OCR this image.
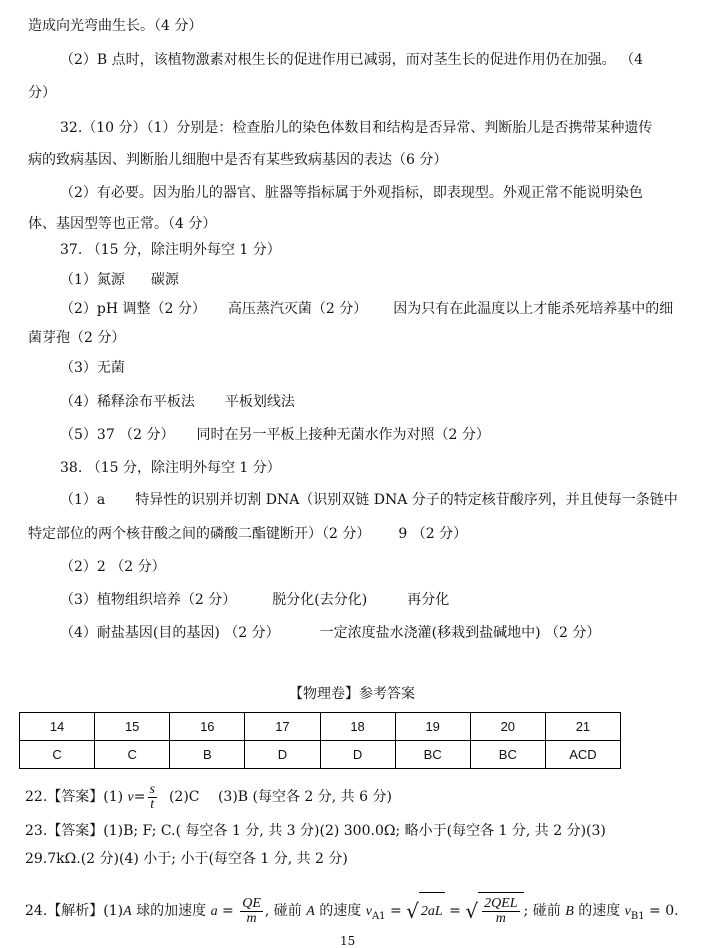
造成向光弯曲生长。（4 分）
（2）B 点时，该植物激素对根生长的促进作用已减弱，而对茎生长的促进作用仍在加强。 （4
分）
32.（10 分）（1）分别是：检查胎儿的染色体数目和结构是否异常、判断胎儿是否携带某种遗传
病的致病基因、判断胎儿细胞中是否有某些致病基因的表达（6 分）
（2）有必要。因为胎儿的器官、脏器等指标属于外观指标，即表现型。外观正常不能说明染色
体、基因型等也正常。（4 分）
37. （15 分，除注明外每空 1 分）
（1）氮源 碳源
（2）pH 调整（2 分） 高压蒸汽灭菌（2 分） 因为只有在此温度以上才能杀死培养基中的细
菌芽孢（2 分）
（3）无菌
（4）稀释涂布平板法 平板划线法
（5）37 （2 分） 同时在另一平板上接种无菌水作为对照（2 分）
38. （15 分，除注明外每空 1 分）
（1）a 特异性的识别并切割 DNA（识别双链 DNA 分子的特定核苷酸序列，并且使每一条链中
特定部位的两个核苷酸之间的磷酸二酯键断开）（2 分） 9 （2 分）
（2）2 （2 分）
（3）植物组织培养（2 分）	脱分化(去分化)	再分化
（4）耐盐基因(目的基因) （2 分）	一定浓度盐水浇灌(移栽到盐碱地中) （2 分）
【物理卷】参考答案
14	15	16	17	18	19	20	21
C	C	B	D	D	BC	BC	ACD
22.【答案】(1) $v= \frac{s}{t} (2)C$　 (3)B (每空各 2 分, 共 6 分)
23.【答案】(1)B; F; C.( 每空各 1 分, 共 3 分)(2) 300.0Ω; 略小于(每空各 1 分, 共 2 分)(3)
29.7kΩ.(2 分)(4) 小于; 小于(每空各 1 分, 共 2 分)
24.【解析】(1)A 球的加速度 $a = \frac{QE}{m}$ , 碰前 A 的速度 $v_{A1}$ = √ 2aL = √ $\frac{\text{2QEL}}{m}$ ; 碰前 B 的速度 $v_{B1} = 0$.
15
